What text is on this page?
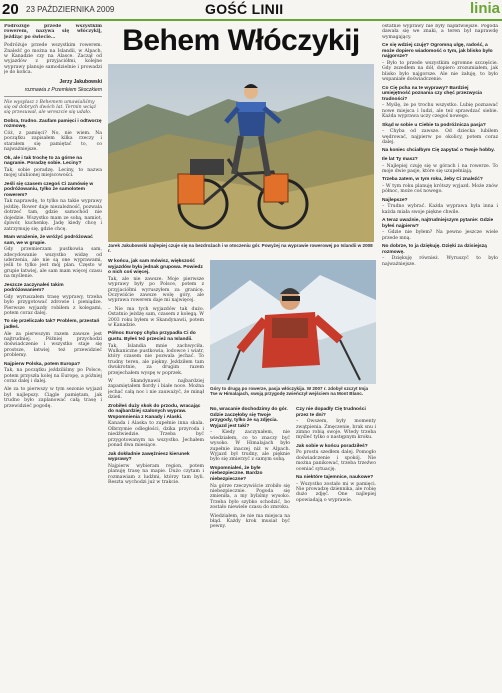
20 23 PAŹDZIERNIKA 2009	GOŚĆ LINII	linia

Podróżuje przede wszystkim rowerem, nazywa się włóczykij, jeżdżąc po świecie…

Podróżuje przede wszystkim rowerem. Znaleźć go można na Islandii, w Alpach, w Kanadzie czy na Alasce. Zaczął od wyjazdów z przyjaciółmi, kolejne wyprawy planuje samodzielnie i prowadzi je do końca.

Jerzy Jakubowski
rozmawia z Przemkiem Skoczkiem

Nie wysyłasz z Behemem umawialiśmy się od dobrych dwóch lat. Termin wciąż się przesuwał, ale wreszcie się udało.

Dobra, trudno. Zaufam pamięci i odtworzę rozmowę.

Cóż, z pamięci? No, nie wiem. Na początku zapisałem kilka rzeczy i starałem się pamiętać to, co najważniejsze.

Ok, ale i tak trochę to za górne na nagranie. Poradzę sobie. Leciny?

Tak, sobie poradzę. Leciny, to nazwa mojej ulubionej miejscowości.

Jeśli się czasem czegoś Ci zamówię w podróżowaniu, tylko że samolotem rowerem?

Tak naprawdę, to tylko na takie wyprawy jeżdżę. Rower daje niezależność, pozwala dotrzeć tam, gdzie samochód nie dojedzie. Wszystko mam ze sobą, namiot, śpiwór, kuchenkę. Jadę kiedy chcę i zatrzymuję się, gdzie chcę.

Mam wrażenie, że wróżyć podróżować sam, we w grupie.

Gdy przemierzam pustkowia sam, zdecydowanie wszystko widzę od uderzenia, ale nie są one wyprawami, jeśli to tylko jest mój plan. Często w grupie łatwiej, ale sam mam więcej czasu na myślenie.

Jeszcze zaczynałeś takim podróżowaniem?

Gdy wyruszałem trasę wyprawy, trzeba było przygotować zdrowie i pieniądze. Pierwsze wyjazdy robiłem z kolegami, potem coraz dalej.

To się przeliczało tak? Problem, przestań jadłeś.

Ale za pierwszym razem zawsze jest najtrudniej. Później przychodzi doświadczenie i wszystko staje się prostsze, łatwiej też przewidzieć problemy.

Najpierw Polska, potem Europa?

Tak, na początku jeździliśmy po Polsce, potem przyszła kolej na Europę, a później coraz dalej i dalej.

Ale za to pierwszy w tym sezonie wyjazd był najlepszy. Ciągle pamiętam, jak trudno było zaplanować całą trasę i przewidzieć pogodę.

Behem Włóczykij
Jarek Jakubowski najlepiej czuje się na bezdrożach i w otoczeniu gór. Powyżej na wyprawie rowerowej po Islandii w 2008 r.

W końcu, jak sam mówisz, większość wyjazdów była jednak grupowa. Powiedz o nich coś więcej.

Tak, ale nie zawsze. Moje pierwsze wyprawy były po Polsce, potem z przyjaciółmi wyruszyłem za granicę. Oczywiście zawsze wolę góry, ale wyprawa rowerem daje mi najwięcej.

– Nie ma tych wyjazdów tak dużo. Ostatnio jeżdżę sam, czasem z kolegą. W 2003 roku byłem w Skandynawii, potem w Kanadzie.

Północ Europy chyba przypadła Ci do gustu. Byłeś też przecież na Islandii.

Tak, Islandia mnie zachwyciła. Wulkaniczne pustkowia, lodowce i wiatr, który czasem nie pozwala jechać. To trudny teren, ale piękny. Jeździłem tam dwukrotnie, za drugim razem przejechałem wyspę w poprzek.

W Skandynawii najbardziej zapamiętałem fiordy i białe noce. Można jechać całą noc i nie zauważyć, że minął dzień.

Zrobiłeś duży skok do przodu, wracając do najbardziej szalonych wypraw. Wspomnienia z Kanady i Alaski.

Kanada i Alaska to zupełnie inna skala. Olbrzymie odległości, dzika przyroda i niedźwiedzie. Trzeba być przygotowanym na wszystko. Jechałem ponad dwa miesiące.

Jak dokładnie zawęźniesz kierunek wyprawy?

Najpierw wybieram region, potem planuję trasę na mapie. Dużo czytam i rozmawiam z ludźmi, którzy tam byli. Reszta wychodzi już w trakcie.

Góry to drugą po rowerze, pasja włóczykija. W 2007 r. zdobył szczyt Imja Tse w Himalajach, swoją przygodę zwieńczył wejściem na Mont Blanc.

No, wracanie dochodzimy do gór. Gdzie zaczęłoby się Twoje przygody, tylko że są zdjęcia. Wyjazd jest taki?

– Kiedy zaczynałem, nie wiedziałem, co to znaczy być wysoko. W Himalajach było zupełnie inaczej niż w Alpach. Wyjazd był trudny, ale pięknie było się zmierzyć z samym sobą.

Wspomniałeś, że byłe niebezpieczne. Bardzo niebezpieczne?

Na górze rzeczywiście zrobiło się niebezpiecznie. Pogoda się zmieniła, a my byliśmy wysoko. Trzeba było szybko schodzić, bo zostało niewiele czasu do zmroku.

Wiedziałem, że nie ma miejsca na błąd. Każdy krok musiał być pewny.

Czy nie dopadły Cię trudności przez te dni?

– Owszem, były momenty zwątpienia. Zmęczenie, brak snu i zimno robią swoje. Wtedy trzeba myśleć tylko o następnym kroku.

Jak sobie w końcu poradziłeś?

Po prostu szedłem dalej. Pomogło doświadczenie i spokój. Nie można panikować, trzeba trzeźwo oceniać sytuację.

Na niektóre tajemnice, naukowe?

– Wszystko zostało mi w pamięci. Nie prowadzę dziennika, ale robię dużo zdjęć. One najlepiej opowiadają o wyprawie.

ostatnie wyprawy nie były najłatwiejsze. Pogoda dawała się we znaki, a teren był naprawdę wymagający.

Ce się wdziej czuję? Ogromną ulgę, radość, a może dopiero wiadomość o tym, jak blisko było najgorsze?

– Było to przede wszystkim ogromne szczęście. Gdy zszedłem na dół, dopiero zrozumiałem, jak blisko było najgorsze. Ale nie żałuję, to było wspaniałe doświadczenie.

Co Cię pcha na te wyprawy? Bardziej umiejętność poznania czy chęć przezwycia trudności?

– Myślę, że po trochu wszystko. Lubię poznawać nowe miejsca i ludzi, ale też sprawdzać siebie. Każda wyprawa uczy czegoś nowego.

Skąd w sobie u Ciebie ta podróżnicza pasja?

– Chyba od zawsze. Od dziecka lubiłem wędrować, najpierw po okolicy, potem coraz dalej.

Na koniec chciałbym Cię zapytać o Twoje hobby.

Ile lat Ty masz?

– Najlepiej czuję się w górach i na rowerze. To moje dwie pasje, które się uzupełniają.

Trzeba zatem, w tym roku, żeby Ci znaleźć?

– W tym roku planuję krótszy wyjazd. Może znów północ, może coś nowego.

Najlepsze?

– Trudno wybrać. Każda wyprawa była inna i każda miała swoje piękne chwile.

A teraz uważnie, najtrudniejszym pytanie: Gdzie byłeś najpierw?

– Gdzie nie byłem? Na pewno jeszcze wiele przede mną.

No dobrze, to ja dziękuję. Dzięki za dzisiejszą rozmowę.

– Dziękuję również. Wyruszyć to było najważniejsze.
